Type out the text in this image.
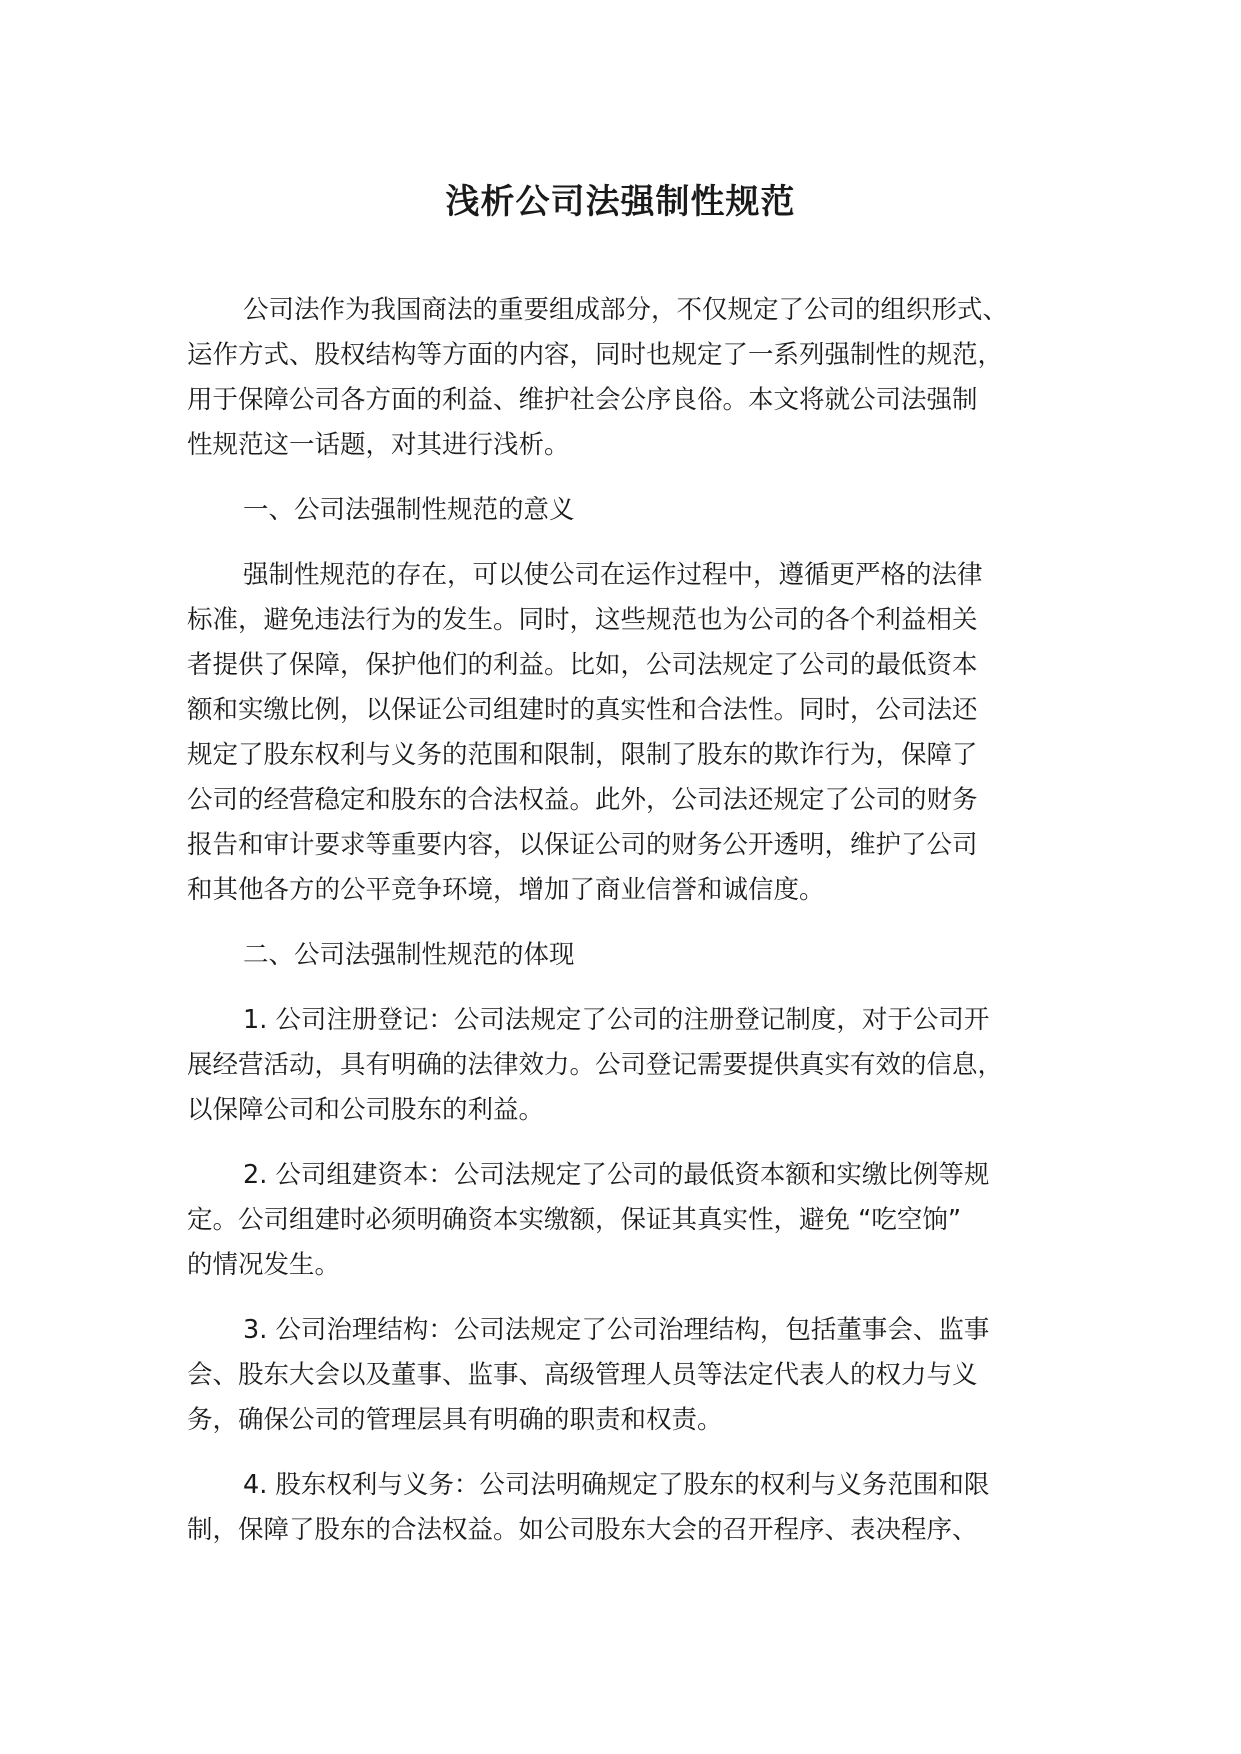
浅析公司法强制性规范

公司法作为我国商法的重要组成部分，不仅规定了公司的组织形式、
运作方式、股权结构等方面的内容，同时也规定了一系列强制性的规范，
用于保障公司各方面的利益、维护社会公序良俗。本文将就公司法强制
性规范这一话题，对其进行浅析。

一、公司法强制性规范的意义

强制性规范的存在，可以使公司在运作过程中，遵循更严格的法律
标准，避免违法行为的发生。同时，这些规范也为公司的各个利益相关
者提供了保障，保护他们的利益。比如，公司法规定了公司的最低资本
额和实缴比例，以保证公司组建时的真实性和合法性。同时，公司法还
规定了股东权利与义务的范围和限制，限制了股东的欺诈行为，保障了
公司的经营稳定和股东的合法权益。此外，公司法还规定了公司的财务
报告和审计要求等重要内容，以保证公司的财务公开透明，维护了公司
和其他各方的公平竞争环境，增加了商业信誉和诚信度。

二、公司法强制性规范的体现

1. 公司注册登记：公司法规定了公司的注册登记制度，对于公司开
展经营活动，具有明确的法律效力。公司登记需要提供真实有效的信息，
以保障公司和公司股东的利益。

2. 公司组建资本：公司法规定了公司的最低资本额和实缴比例等规
定。公司组建时必须明确资本实缴额，保证其真实性，避免 “吃空饷”
的情况发生。

3. 公司治理结构：公司法规定了公司治理结构，包括董事会、监事
会、股东大会以及董事、监事、高级管理人员等法定代表人的权力与义
务，确保公司的管理层具有明确的职责和权责。

4. 股东权利与义务：公司法明确规定了股东的权利与义务范围和限
制，保障了股东的合法权益。如公司股东大会的召开程序、表决程序、
